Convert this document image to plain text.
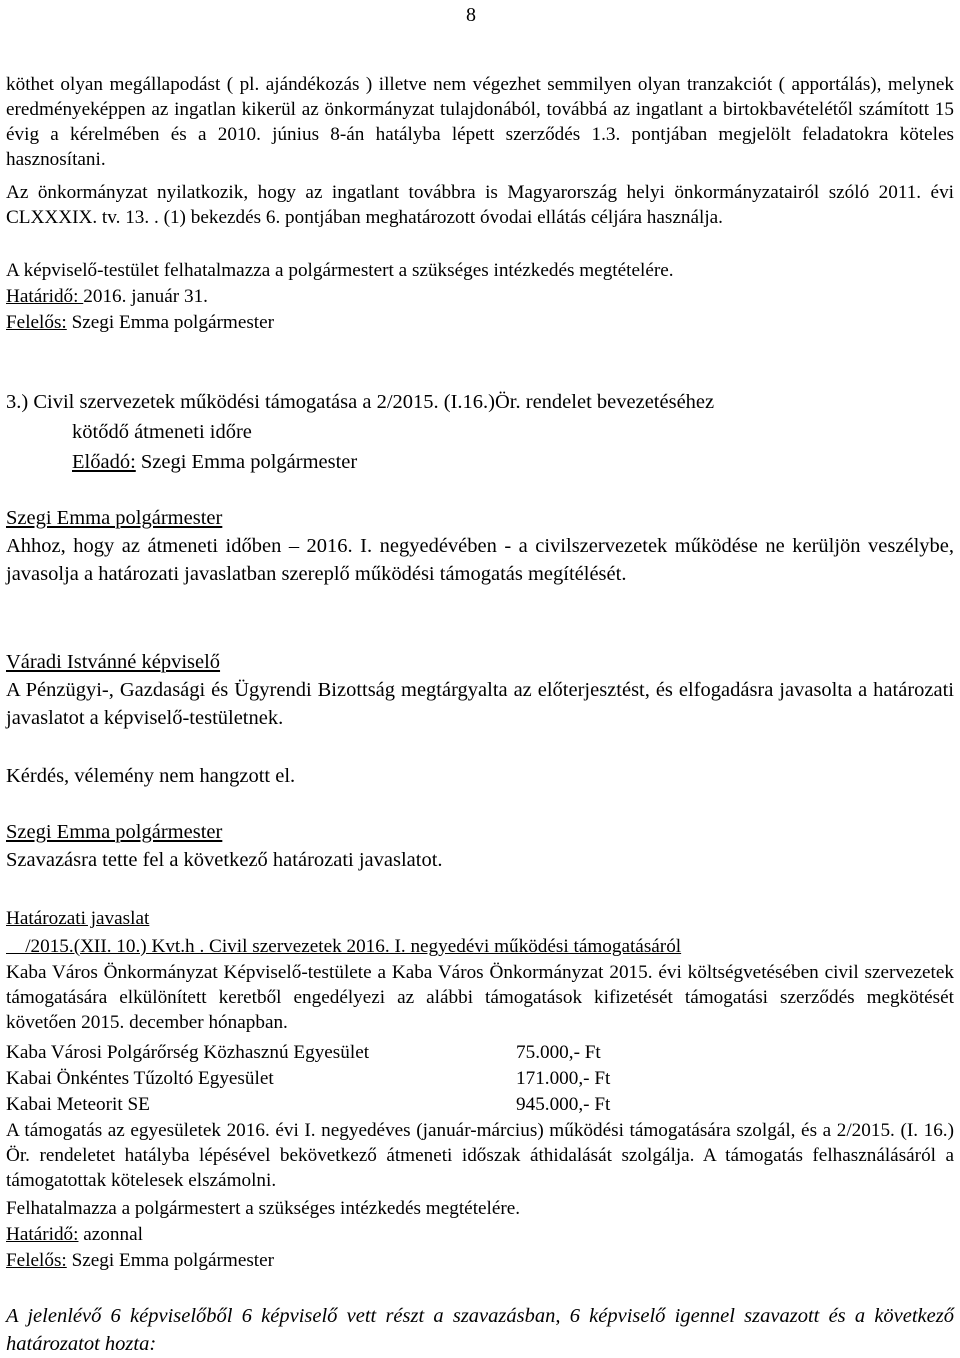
8

köthet olyan megállapodást ( pl. ajándékozás ) illetve nem végezhet semmilyen olyan tranzakciót ( apportálás), melynek eredményeképpen az ingatlan kikerül az önkormányzat tulajdonából, továbbá az ingatlant a birtokbavételétől számított 15 évig a kérelmében és a 2010. június 8-án hatályba lépett szerződés 1.3. pontjában megjelölt feladatokra köteles hasznosítani.

Az önkormányzat nyilatkozik, hogy az ingatlant továbbra is Magyarország helyi önkormányzatairól szóló 2011. évi CLXXXIX. tv. 13. . (1) bekezdés 6. pontjában meghatározott óvodai ellátás céljára használja.

A képviselő-testület felhatalmazza a polgármestert a szükséges intézkedés megtételére.

Határidő: 2016. január 31.
Felelős: Szegi Emma polgármester
3.) Civil szervezetek működési támogatása a 2/2015. (I.16.)Ör. rendelet bevezetéséhez
kötődő átmeneti időre
Előadó: Szegi Emma polgármester
Szegi Emma polgármester

Ahhoz, hogy az átmeneti időben – 2016. I. negyedévében - a civilszervezetek működése ne kerüljön veszélybe, javasolja a határozati javaslatban szereplő működési támogatás megítélését.

Váradi Istvánné képviselő

A Pénzügyi-, Gazdasági és Ügyrendi Bizottság megtárgyalta az előterjesztést, és elfogadásra javasolta a határozati javaslatot a képviselő-testületnek.

Kérdés, vélemény nem hangzott el.
Szegi Emma polgármester
Szavazásra tette fel a következő határozati javaslatot.
Határozati javaslat
/2015.(XII. 10.) Kvt.h . Civil szervezetek 2016. I. negyedévi működési támogatásáról

Kaba Város Önkormányzat Képviselő-testülete a Kaba Város Önkormányzat 2015. évi költségvetésében civil szervezetek támogatására elkülönített keretből engedélyezi az alábbi támogatások kifizetését támogatási szerződés megkötését követően 2015. december hónapban.

Kaba Városi Polgárőrség Közhasznú Egyesület	75.000,- Ft
Kabai Önkéntes Tűzoltó Egyesület	171.000,- Ft
Kabai Meteorit SE	945.000,- Ft

A támogatás az egyesületek 2016. évi I. negyedéves (január-március) működési támogatására szolgál, és a 2/2015. (I. 16.) Ör. rendeletet hatályba lépésével bekövetkező átmeneti időszak áthidalását szolgálja. A támogatás felhasználásáról a támogatottak kötelesek elszámolni.

Felhatalmazza a polgármestert a szükséges intézkedés megtételére.
Határidő: azonnal
Felelős: Szegi Emma polgármester

A jelenlévő 6 képviselőből 6 képviselő vett részt a szavazásban, 6 képviselő igennel szavazott és a következő határozatot hozta:
